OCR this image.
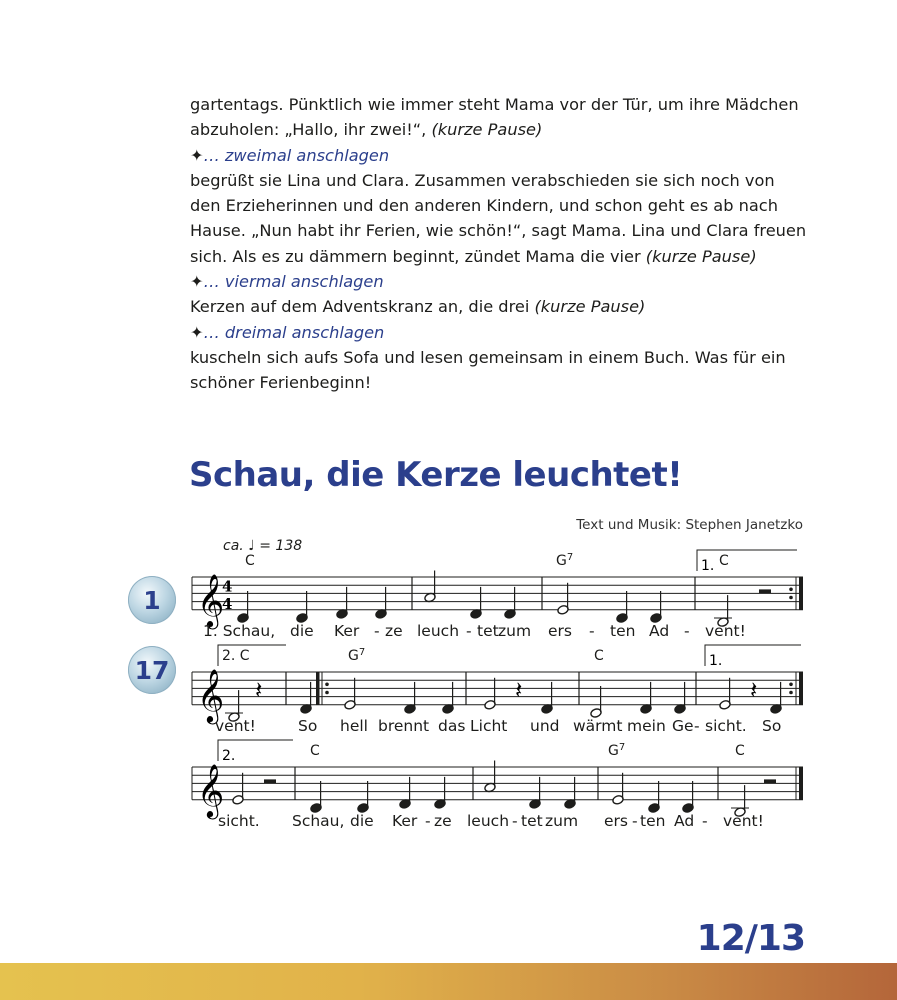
gartentags. Pünktlich wie immer steht Mama vor der Tür, um ihre Mädchen
abzuholen: „Hallo, ihr zwei!“, (kurze Pause)
✦… zweimal anschlagen
begrüßt sie Lina und Clara. Zusammen verabschieden sie sich noch von
den Erzieherinnen und den anderen Kindern, und schon geht es ab nach
Hause. „Nun habt ihr Ferien, wie schön!“, sagt Mama. Lina und Clara freuen
sich. Als es zu dämmern beginnt, zündet Mama die vier (kurze Pause)
✦… viermal anschlagen
Kerzen auf dem Adventskranz an, die drei (kurze Pause)
✦… dreimal anschlagen
kuscheln sich aufs Sofa und lesen gemeinsam in einem Buch. Was für ein
schöner Ferienbeginn!
Schau, die Kerze leuchtet!
Text und Musik: Stephen Janetzko
ca. ♩ = 138
1
17
𝄞
4
4
C	$G^7$	C
1.
1. Schau, die Ker - ze leuch - tet zum ers - ten Ad - vent!
𝄞 𝄽	𝄽	𝄽
2. C	$G^7$	C	1.
vent!	So hell brennt das Licht und wärmt mein Ge - sicht. So
𝄞
C	$G^7$	C
2.
sicht. Schau, die Ker - ze leuch - tet zum ers - ten Ad - vent!
12/13
